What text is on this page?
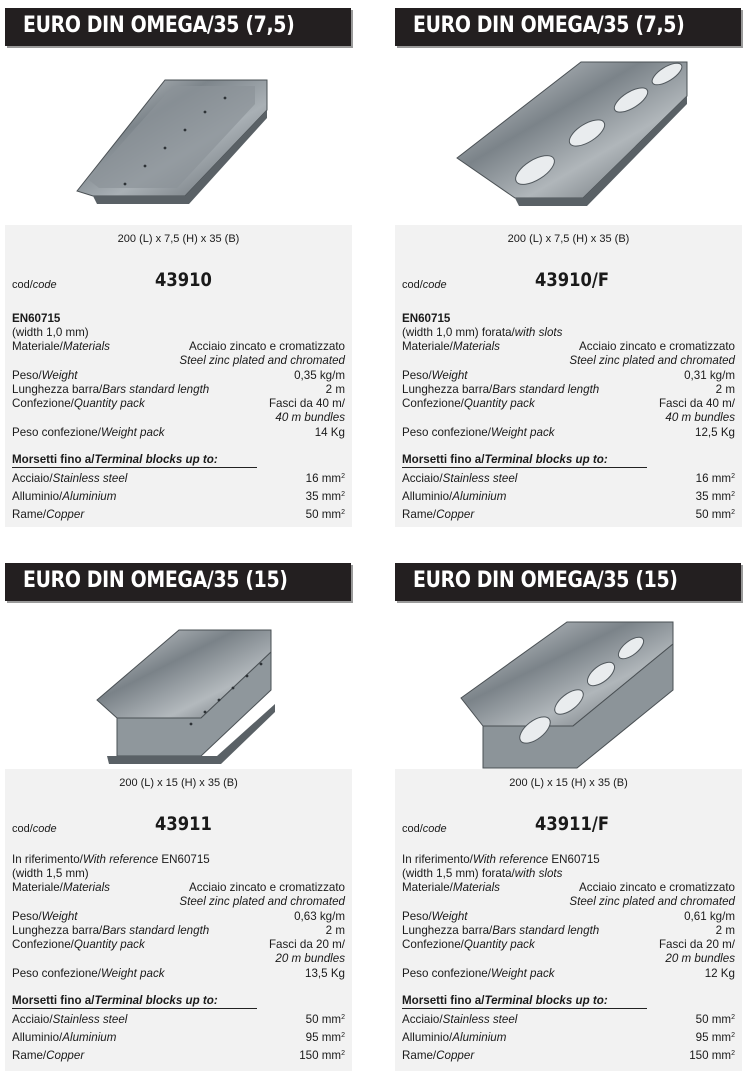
EURO DIN OMEGA/35 (7,5)
200 (L) x 7,5 (H) x 35 (B)
cod/code	43910
EN60715
(width 1,0 mm)
Materiale/Materials	Acciaio zincato e cromatizzato
Steel zinc plated and chromated
Peso/Weight	0,35 kg/m
Lunghezza barra/Bars standard length	2 m
Confezione/Quantity pack	Fasci da 40 m/
40 m bundles
Peso confezione/Weight pack	14 Kg
Morsetti fino a/Terminal blocks up to:
Acciaio/Stainless steel	16 $mm^2$
Alluminio/Aluminium	35 $mm^2$
Rame/Copper	50 $mm^2$
EURO DIN OMEGA/35 (7,5)
200 (L) x 7,5 (H) x 35 (B)
cod/code	43910/F
EN60715
(width 1,0 mm) forata/with slots
Materiale/Materials	Acciaio zincato e cromatizzato
Steel zinc plated and chromated
Peso/Weight	0,31 kg/m
Lunghezza barra/Bars standard length	2 m
Confezione/Quantity pack	Fasci da 40 m/
40 m bundles
Peso confezione/Weight pack	12,5 Kg
Morsetti fino a/Terminal blocks up to:
Acciaio/Stainless steel	16 $mm^2$
Alluminio/Aluminium	35 $mm^2$
Rame/Copper	50 $mm^2$
EURO DIN OMEGA/35 (15)
200 (L) x 15 (H) x 35 (B)
cod/code	43911
In riferimento/With reference EN60715
(width 1,5 mm)
Materiale/Materials	Acciaio zincato e cromatizzato
Steel zinc plated and chromated
Peso/Weight	0,63 kg/m
Lunghezza barra/Bars standard length	2 m
Confezione/Quantity pack	Fasci da 20 m/
20 m bundles
Peso confezione/Weight pack	13,5 Kg
Morsetti fino a/Terminal blocks up to:
Acciaio/Stainless steel	50 $mm^2$
Alluminio/Aluminium	95 $mm^2$
Rame/Copper	150 $mm^2$
EURO DIN OMEGA/35 (15)
200 (L) x 15 (H) x 35 (B)
cod/code	43911/F
In riferimento/With reference EN60715
(width 1,5 mm) forata/with slots
Materiale/Materials	Acciaio zincato e cromatizzato
Steel zinc plated and chromated
Peso/Weight	0,61 kg/m
Lunghezza barra/Bars standard length	2 m
Confezione/Quantity pack	Fasci da 20 m/
20 m bundles
Peso confezione/Weight pack	12 Kg
Morsetti fino a/Terminal blocks up to:
Acciaio/Stainless steel	50 $mm^2$
Alluminio/Aluminium	95 $mm^2$
Rame/Copper	150 $mm^2$
